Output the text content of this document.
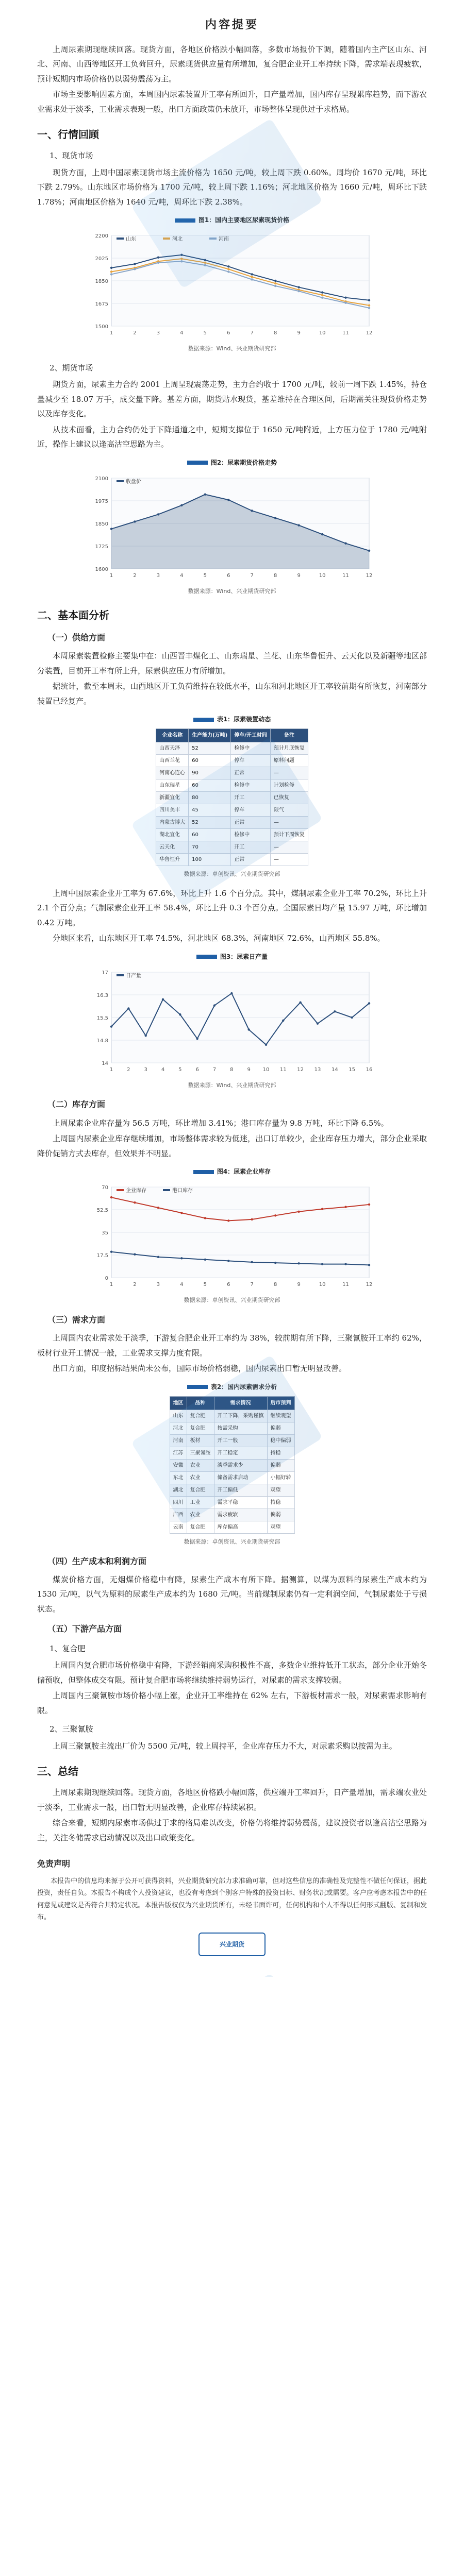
内容提要

上周尿素期现继续回落。现货方面，各地区价格跌小幅回落，多数市场报价下调，随着国内主产区山东、河北、河南、山西等地区开工负荷回升，尿素现货供应量有所增加，复合肥企业开工率持续下降，需求端表现疲软，预计短期内市场价格仍以弱势震荡为主。

市场主要影响因素方面，本周国内尿素装置开工率有所回升，日产量增加，国内库存呈现累库趋势，而下游农业需求处于淡季，工业需求表现一般，出口方面政策仍未放开，市场整体呈现供过于求格局。

一、行情回顾
1、现货市场

现货方面，上周中国尿素现货市场主流价格为 1650 元/吨，较上周下跌 0.60%。周均价 1670 元/吨，环比下跌 2.79%。山东地区市场价格为 1700 元/吨，较上周下跌 1.16%；河北地区价格为 1660 元/吨，周环比下跌 1.78%；河南地区价格为 1640 元/吨，周环比下跌 2.38%。

图1：国内主要地区尿素现货价格
1500
1675
1850
2025
2200
1	2	3	4	5	6	7	8	9	10	11	12
山东	河北	河南
数据来源：Wind、兴业期货研究部
2、期货市场

期货方面，尿素主力合约 2001 上周呈现震荡走势，主力合约收于 1700 元/吨，较前一周下跌 1.45%，持仓量减少至 18.07 万手，成交量下降。基差方面，期货贴水现货，基差维持在合理区间，后期需关注现货价格走势以及库存变化。

从技术面看，主力合约仍处于下降通道之中，短期支撑位于 1650 元/吨附近，上方压力位于 1780 元/吨附近，操作上建议以逢高沽空思路为主。

图2：尿素期货价格走势
1600
1725
1850
1975
2100
1	2	3	4	5	6	7	8	9	10	11	12
收盘价
数据来源：Wind、兴业期货研究部
二、基本面分析
（一）供给方面

本周尿素装置检修主要集中在：山西晋丰煤化工、山东瑞星、兰花、山东华鲁恒升、云天化以及新疆等地区部分装置，目前开工率有所上升，尿素供应压力有所增加。

据统计，截至本周末，山西地区开工负荷维持在较低水平，山东和河北地区开工率较前期有所恢复，河南部分装置已经复产。

表1：尿素装置动态
企业名称	生产能力(万吨)	停车/开工时间	备注
山西天泽	52	检修中	预计月底恢复
山西兰花	60	停车	原料问题
河南心连心	90	正常	—
山东瑞星	60	检修中	计划检修
新疆宜化	80	开工	已恢复
四川美丰	45	停车	限气
内蒙古博大	52	正常	—
湖北宜化	60	检修中	预计下周恢复
云天化	70	开工	—
华鲁恒升	100	正常	—
数据来源：卓创资讯、兴业期货研究部

上周中国尿素企业开工率为 67.6%，环比上升 1.6 个百分点。其中，煤制尿素企业开工率 70.2%，环比上升 2.1 个百分点；气制尿素企业开工率 58.4%，环比上升 0.3 个百分点。全国尿素日均产量 15.97 万吨，环比增加 0.42 万吨。

分地区来看，山东地区开工率 74.5%，河北地区 68.3%，河南地区 72.6%，山西地区 55.8%。

图3：尿素日产量
14
14.8
15.5
16.3
17
1	2	3	4	5	6	7	8	9 10 11 12 13 14 15 16
日产量
数据来源：Wind、兴业期货研究部
（二）库存方面

上周尿素企业库存量为 56.5 万吨，环比增加 3.41%；港口库存量为 9.8 万吨，环比下降 6.5%。

上周国内尿素企业库存继续增加，市场整体需求较为低迷，出口订单较少，企业库存压力增大，部分企业采取降价促销方式去库存，但效果并不明显。

图4：尿素企业库存
0
17.5
35
52.5
70
1	2	3	4	5	6	7	8	9	10	11	12
企业库存	港口库存
数据来源：卓创资讯、兴业期货研究部
（三）需求方面

上周国内农业需求处于淡季，下游复合肥企业开工率约为 38%，较前期有所下降，三聚氰胺开工率约 62%，板材行业开工情况一般，工业需求支撑力度有限。

出口方面，印度招标结果尚未公布，国际市场价格弱稳，国内尿素出口暂无明显改善。

表2：国内尿素需求分析
地区	品种	需求情况	后市预判
山东	复合肥	开工下降，采购谨慎	继续观望
河北	复合肥	按需采购	偏弱
河南	板材	开工一般	稳中偏弱
江苏	三聚氰胺	开工稳定	持稳
安徽	农业	淡季需求少	偏弱
东北	农业	储备需求启动	小幅好转
湖北	复合肥	开工偏低	观望
四川	工业	需求平稳	持稳
广西	农业	需求疲软	偏弱
云南	复合肥	库存偏高	观望
数据来源：卓创资讯、兴业期货研究部
（四）生产成本和利润方面

煤炭价格方面，无烟煤价格稳中有降，尿素生产成本有所下降。据测算，以煤为原料的尿素生产成本约为 1530 元/吨，以气为原料的尿素生产成本约为 1680 元/吨。当前煤制尿素仍有一定利润空间，气制尿素处于亏损状态。

（五）下游产品方面
1、复合肥

上周国内复合肥市场价格稳中有降，下游经销商采购积极性不高，多数企业维持低开工状态，部分企业开始冬储预收，但整体成交有限。预计复合肥市场将继续维持弱势运行，对尿素的需求支撑较弱。

上周国内三聚氰胺市场价格小幅上涨，企业开工率维持在 62% 左右，下游板材需求一般，对尿素需求影响有限。

2、三聚氰胺

上周三聚氰胺主流出厂价为 5500 元/吨，较上周持平，企业库存压力不大，对尿素采购以按需为主。

三、总结

上周尿素期现继续回落。现货方面，各地区价格跌小幅回落，供应端开工率回升，日产量增加，需求端农业处于淡季，工业需求一般，出口暂无明显改善，企业库存持续累积。

综合来看，短期内尿素市场供过于求的格局难以改变，价格仍将维持弱势震荡，建议投资者以逢高沽空思路为主，关注冬储需求启动情况以及出口政策变化。

免责声明

本报告中的信息均来源于公开可获得资料，兴业期货研究部力求准确可靠，但对这些信息的准确性及完整性不做任何保证，据此投资，责任自负。本报告不构成个人投资建议，也没有考虑到个别客户特殊的投资目标、财务状况或需要。客户应考虑本报告中的任何意见或建议是否符合其特定状况。本报告版权仅为兴业期货所有，未经书面许可，任何机构和个人不得以任何形式翻版、复制和发布。

兴业期货
